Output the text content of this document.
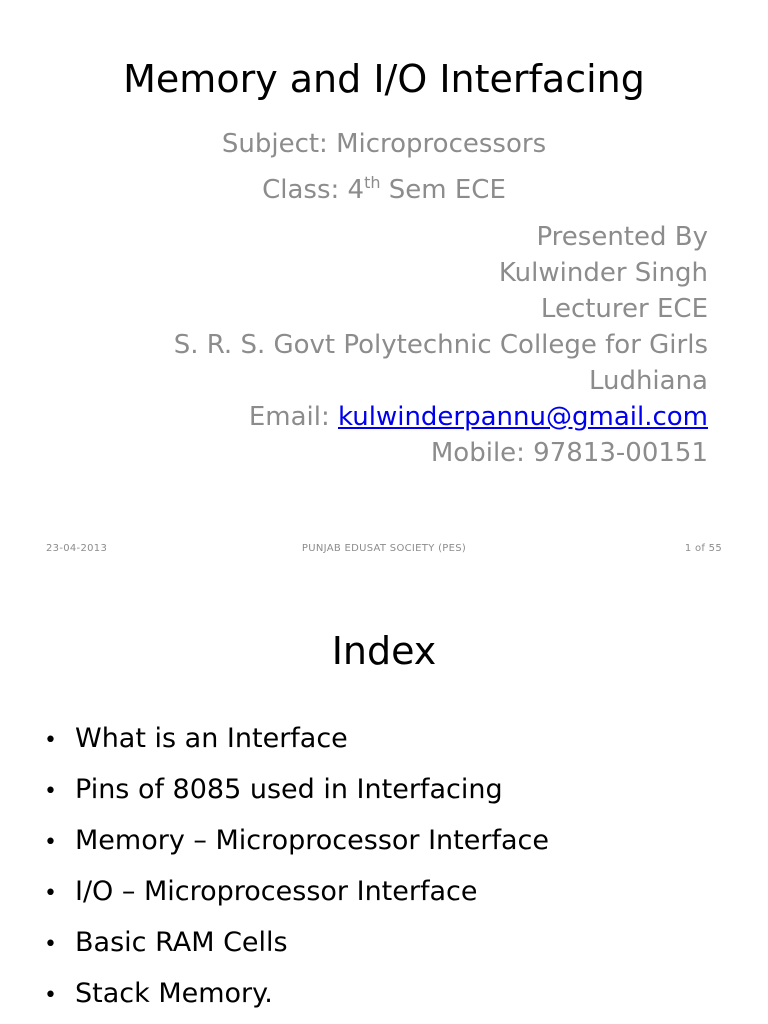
Memory and I/O Interfacing
Subject: Microprocessors
Class: 4th Sem ECE
Presented By
Kulwinder Singh
Lecturer ECE
S. R. S. Govt Polytechnic College for Girls
Ludhiana
Email: kulwinderpannu@gmail.com
Mobile: 97813-00151
23-04-2013	PUNJAB EDUSAT SOCIETY (PES)	1 of 55
Index
• What is an Interface
• Pins of 8085 used in Interfacing
• Memory – Microprocessor Interface
• I/O – Microprocessor Interface
• Basic RAM Cells
• Stack Memory.
